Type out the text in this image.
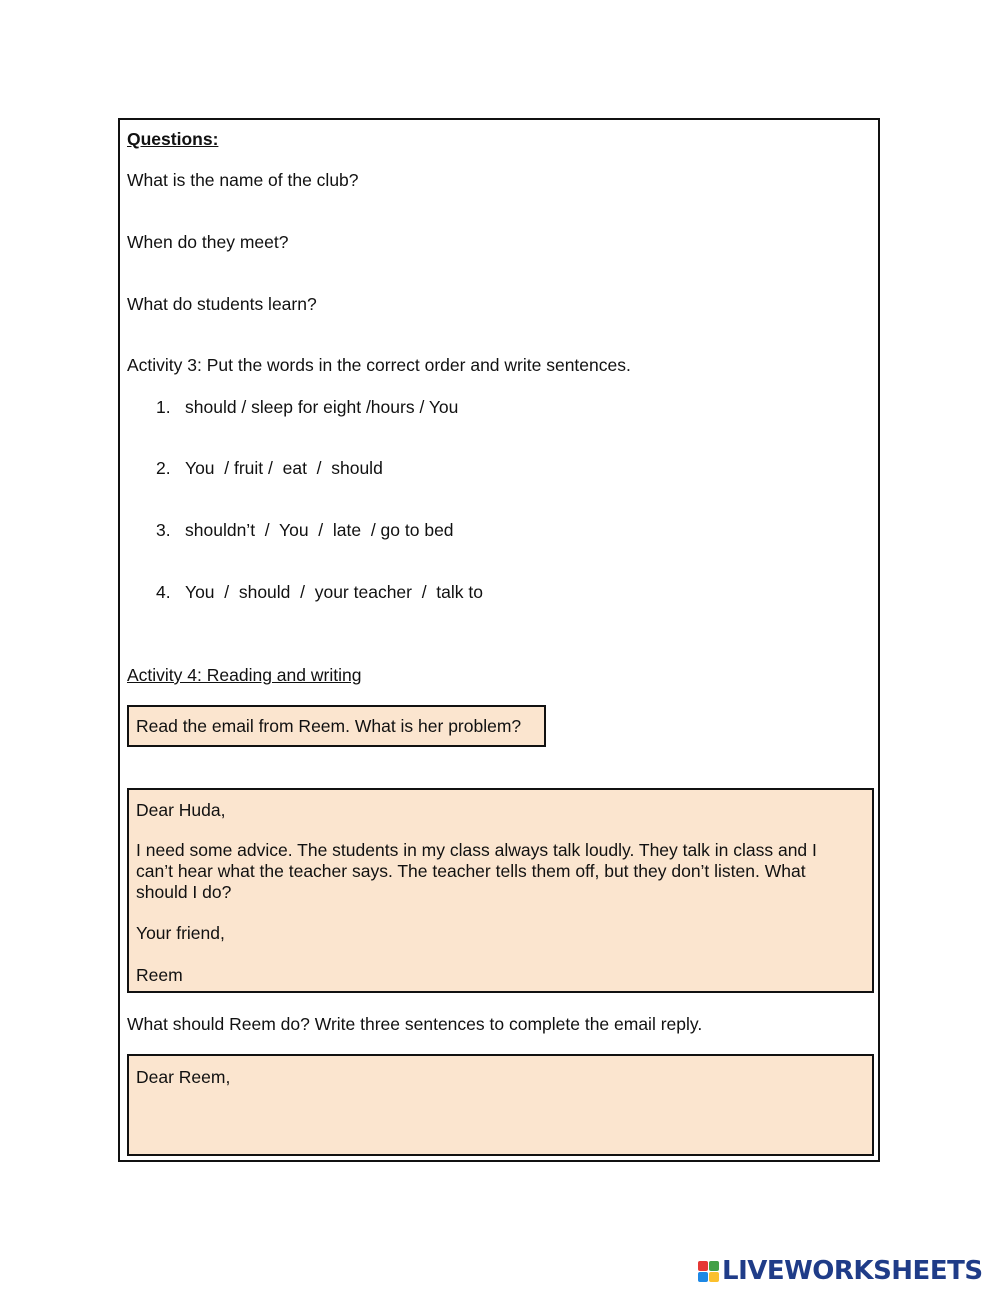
Questions:
What is the name of the club?
When do they meet?
What do students learn?
Activity 3: Put the words in the correct order and write sentences.
1. should / sleep for eight /hours / You
2. You  / fruit /  eat  /  should
3. shouldn’t  /  You  /  late  / go to bed
4. You  /  should  /  your teacher  /  talk to
Activity 4: Reading and writing
Read the email from Reem. What is her problem?
Dear Huda,
I need some advice. The students in my class always talk loudly. They talk in class and I can’t hear what the teacher says. The teacher tells them off, but they don’t listen. What should I do?
Your friend,
Reem
What should Reem do? Write three sentences to complete the email reply.
Dear Reem,
LIVEWORKSHEETS
